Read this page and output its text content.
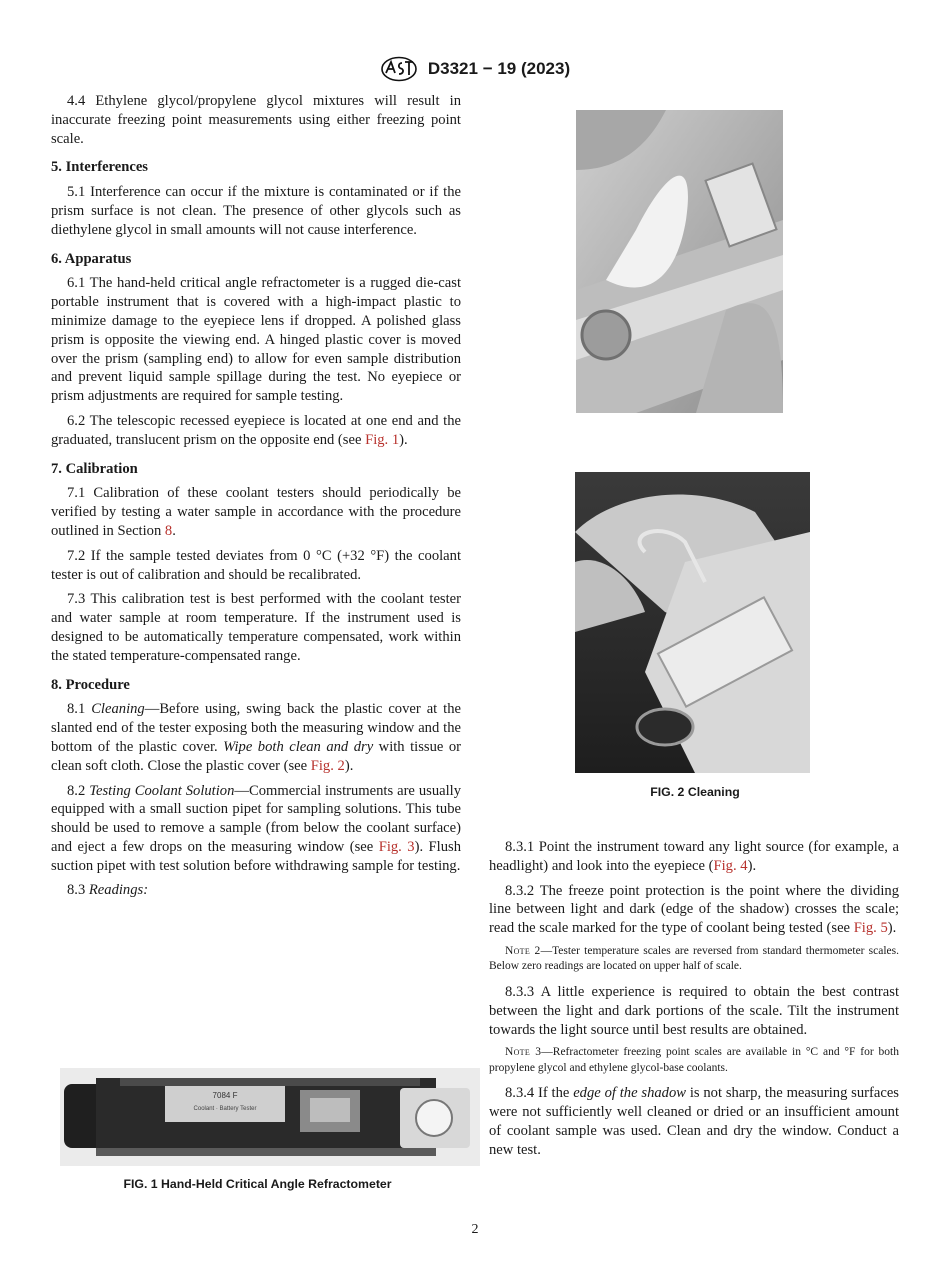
D3321 − 19 (2023)

4.4 Ethylene glycol/propylene glycol mixtures will result in inaccurate freezing point measurements using either freezing point scale.

5. Interferences

5.1 Interference can occur if the mixture is contaminated or if the prism surface is not clean. The presence of other glycols such as diethylene glycol in small amounts will not cause interference.

6. Apparatus

6.1 The hand-held critical angle refractometer is a rugged die-cast portable instrument that is covered with a high-impact plastic to minimize damage to the eyepiece lens if dropped. A polished glass prism is opposite the viewing end. A hinged plastic cover is moved over the prism (sampling end) to allow for even sample distribution and prevent liquid sample spillage during the test. No eyepiece or prism adjustments are required for sample testing.

6.2 The telescopic recessed eyepiece is located at one end and the graduated, translucent prism on the opposite end (see Fig. 1).

7. Calibration

7.1 Calibration of these coolant testers should periodically be verified by testing a water sample in accordance with the procedure outlined in Section 8.

7.2 If the sample tested deviates from 0 °C (+32 °F) the coolant tester is out of calibration and should be recalibrated.

7.3 This calibration test is best performed with the coolant tester and water sample at room temperature. If the instrument used is designed to be automatically temperature compensated, work within the stated temperature-compensated range.

8. Procedure

8.1 Cleaning—Before using, swing back the plastic cover at the slanted end of the tester exposing both the measuring window and the bottom of the plastic cover. Wipe both clean and dry with tissue or clean soft cloth. Close the plastic cover (see Fig. 2).

8.2 Testing Coolant Solution—Commercial instruments are usually equipped with a small suction pipet for sampling solutions. This tube should be used to remove a sample (from below the coolant surface) and eject a few drops on the measuring window (see Fig. 3). Flush suction pipet with test solution before withdrawing sample for testing.

8.3 Readings:

7084 F
Coolant · Battery Tester
FIG. 1 Hand-Held Critical Angle Refractometer
FIG. 2 Cleaning

8.3.1 Point the instrument toward any light source (for example, a headlight) and look into the eyepiece (Fig. 4).

8.3.2 The freeze point protection is the point where the dividing line between light and dark (edge of the shadow) crosses the scale; read the scale marked for the type of coolant being tested (see Fig. 5).

Note 2—Tester temperature scales are reversed from standard thermometer scales. Below zero readings are located on upper half of scale.

8.3.3 A little experience is required to obtain the best contrast between the light and dark portions of the scale. Tilt the instrument towards the light source until best results are obtained.

Note 3—Refractometer freezing point scales are available in °C and °F for both propylene glycol and ethylene glycol-base coolants.

8.3.4 If the edge of the shadow is not sharp, the measuring surfaces were not sufficiently well cleaned or dried or an insufficient amount of coolant sample was used. Clean and dry the window. Conduct a new test.

2
